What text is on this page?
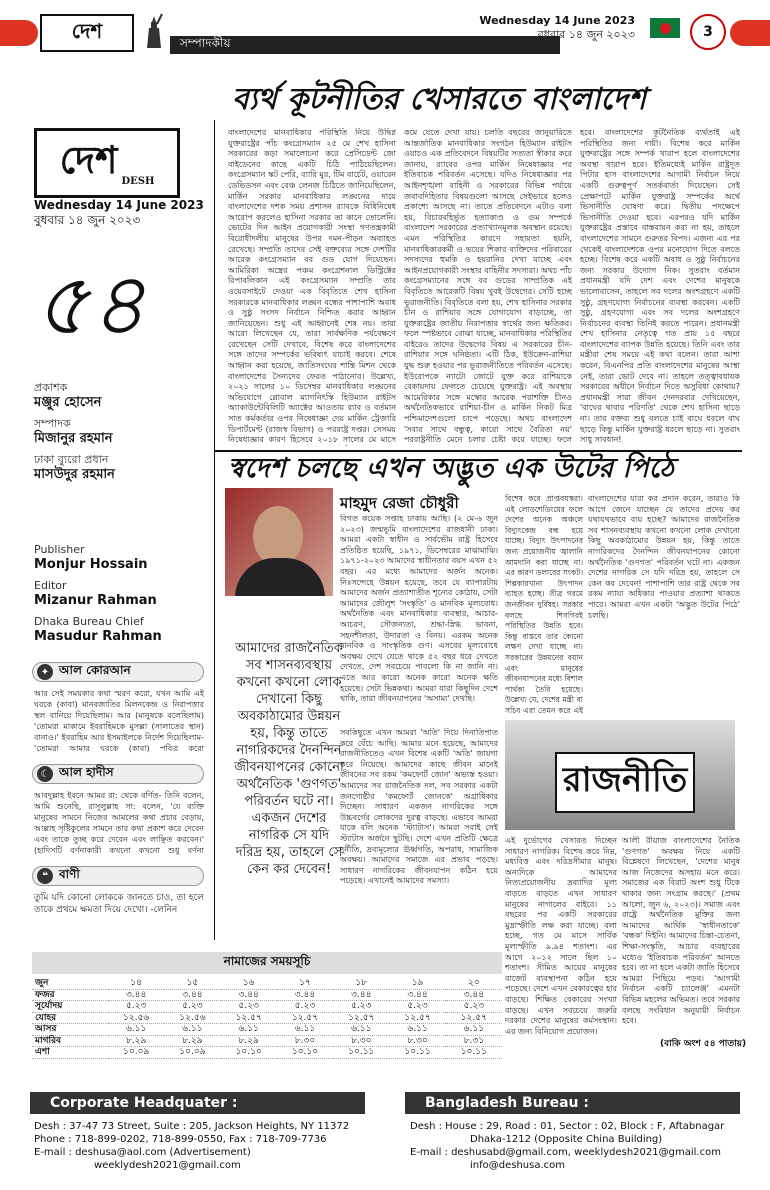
দেশ
সম্পাদকীয়
Wednesday 14 June 2023
বুধবার ১৪ জুন ২০২৩	3
দেশ DESH
Wednesday 14 June 2023
বুধবার ১৪ জুন ২০২৩
৫৪
প্রকাশক
মঞ্জুর হোসেন
সম্পাদক
মিজানুর রহমান
ঢাকা ব্যুরো প্রধান
মাসউদুর রহমান
Publisher
Monjur Hossain
Editor
Mizanur Rahman
Dhaka Bureau Chief
Masudur Rahman
✦ আল কোরআন
আর সেই সময়কার কথা স্মরণ করো, যখন আমি এই ঘরকে (কাবা) মানবজাতির মিলনকেন্দ্র ও নিরাপত্তার স্থল বানিয়ে দিয়েছিলাম। আর (মানুষকে বলেছিলাম) 'তোমরা মাকামে ইবরাহিমকে মুসল্লা (সালাতের স্থান) বানাও।' ইবরাহিম আর ইসমাইলকে নির্দেশ দিয়েছিলাম- 'তোমরা আমার ঘরকে (কাবা) পবিত্র করো
☾ আল হাদীস
আবদুল্লাহ ইবনে আমর রা: থেকে বর্ণিত- তিনি বলেন, আমি শুনেছি, রাসূলুল্লাহ সা: বলেন, 'যে ব্যক্তি মানুষের সামনে নিজের আমলের কথা প্রচার বেড়ায়, আল্লাহ সৃষ্টিকুলের সামনে তার কথা প্রকাশ করে দেবেন এবং তাকে তুচ্ছ করে দেবেন এবং লাঞ্ছিত করবেন।' (হাদিসটি বর্ণনাকারী কখনো কখনো শুধু বর্ণনা
❝ বাণী
তুমি যদি কোনো লোককে জানতে চাও, তা হলে তাকে প্রথমে ক্ষমতা দিয়ে দেখো। -লেনিন
ব্যর্থ কূটনীতির খেসারতে বাংলাদেশ
বাংলাদেশের মানবাধিকার পরিস্থিতি নিয়ে উদ্বিগ্ন যুক্তরাষ্ট্রের পাঁচ কংগ্রেসম্যান ২৫ মে শেখ হাসিনা সরকারের কড়া সমালোচনা করে প্রেসিডেন্ট জো বাইডেনের কাছে একটি চিঠি পাঠিয়েছিলেন। কংগ্রেসম্যান স্কট পেরি, ব্যারি মুর, টিম বার্চেট, ওয়ারেন ডেভিডসন এবং বেঞ্চ লেনজ চিঠিতে জানিয়েছিলেন, মার্কিন সরকার মানবাধিকার লঙ্ঘনের দায়ে বাংলাদেশের দশক সময় প্রশাসন র‍্যাবকে বিধিনিষেধ আরোপ করলেও হাসিনা সরকার তা কানে তোলেনি। ভোটের দিন আইন প্রয়োগকারী সংস্থা গণতন্ত্রকামী বিরোধীদলীয় মানুষের উপর দমন-পীড়ন অব্যাহত রেখেছে। সম্প্রতি তাদের সেই বক্তব্যের সঙ্গে দেশটির আরেক কংগ্রেসম্যান বব গুড যোগ দিয়েছেন। আমিরিকা অস্ত্রের পঞ্চম কংগ্রেশনাল ডিস্ট্রিক্টের রিপাবলিকান এই কংগ্রেসম্যান সম্প্রতি তার ওয়েবসাইটে দেওয়া এক বিবৃতিতে শেখ হাসিনা সরকারকে মানবাধিকার লঙ্ঘন বন্ধের পাশাপাশি অবাধ ও সুষ্ঠু সংসদ নির্বাচন নিশ্চিত করার আহ্বান জানিয়েছেন। শুধু এই আহ্বানেই শেষ নয়। তারা আরো লিখেছেন যে, তারা সার্বক্ষণিক পর্যবেক্ষণে রেখেছেন সেটি দেখাবে, বিশেষ করে বাংলাদেশের সঙ্গে তাদের সম্পর্কের ভবিষ্যৎ যাচাই করবে। শেষে আহ্বান করা হয়েছে, জাতিসংঘের শান্তি মিশন থেকে বাংলাদেশের সৈন্যদের ফেরত পাঠানোর। উল্লেখ্য, ২০২১ সালের ১০ ডিসেম্বর মানবাধিকার লঙ্ঘনের অভিযোগে গ্লোবাল ম্যাগনিৎস্কি হিউম্যান রাইটস অ্যাকাউন্টেবিলিটি অ্যাক্টের আওতায় র‍্যাব ও বর্তমান সাত কর্মকর্তার ওপর নিষেধাজ্ঞা দেয় মার্কিন ট্রেজারি ডিপার্টমেন্ট (রাজস্ব বিভাগ) ও পররাষ্ট্র দপ্তর। সেসময় নিষেধাজ্ঞার কারণ হিসেবে ২০১৮ সালের মে মাসে
কমে যেতে দেখা যায়। চলতি বছরের জানুয়ারিতে আন্তর্জাতিক মানবাধিকার সংগঠন হিউম্যান রাইটস ওয়াচও এক প্রতিবেদনে বিষয়টির সত্যতা স্বীকার করে জানায়, র‍্যাবের ওপর মার্কিন নিষেধাজ্ঞার পর ইতিবাচক পরিবর্তন এসেছে। যদিও নিষেধাজ্ঞার পর আইনশৃঙ্খলা বাহিনী ও সরকারের বিভিন্ন পর্যায়ে জবাবদিহিতার বিষয়গুলো আসছে সেইভাবে হলেও প্রকাশ্যে আসছে না। তাতে প্রতিবেদনে এটাও বলা হয়, বিচারবহির্ভূত হত্যাকাণ্ড ও গুম সম্পর্কে বাংলাদেশ সরকারের প্রত্যাখ্যানমূলক অবস্থান রয়েছে। এমন পরিস্থিতির কারণে সহায়তা হয়নি, মানবাধিকারকর্মী ও ভয়ের শিকার ব্যক্তিদের পরিবারের সদস্যদের হুমকি ও হয়রানির দেখা যাচ্ছে এবং আইনপ্রয়োগকারী সংস্থার বাহিনীর সদস্যরা। অথচ পাঁচ কংগ্রেসম্যানের সঙ্গে বব গুডের সাম্প্রতিক এই বিবৃতিতে আরেকটি বিষয় খুবই উদ্বেগের। সেটি হচ্ছে ভূরাজনীতি। বিবৃতিতে বলা হয়, শেখ হাসিনার সরকার চীন ও রাশিয়ার সঙ্গে যোগাযোগ বাড়াচ্ছে, তা যুক্তরাষ্ট্রের জাতীয় নিরাপত্তার স্বার্থের জন্য ক্ষতিকর। ফলে স্পষ্টভাবে বোঝা যাচ্ছে, মানবাধিকার পরিস্থিতির বাইরেও তাদের উদ্বেগের বিষয় এ সরকারের চীন-রাশিয়ার সঙ্গে ঘনিষ্ঠতা। এটি ঠিক, ইউক্রেন-রাশিয়া যুদ্ধ শুরু হওয়ার পর ভূরাজনীতিতে পরিবর্তন এসেছে। ইউরোপকে ন্যাটো জোটে যুক্ত করে রাশিয়াকে বেকায়দায় ফেলতে চেয়েছে যুক্তরাষ্ট্র। এই অবস্থায় আমেরিকার সঙ্গে মস্কোর আরেক পরাশক্তি চীনও অর্থনৈতিকভাবে রাশিয়া-চীন ও মার্কিন নিকট মিত্র পশ্চিমাদেশগুলো চাপে পড়েছে। অথচ বাংলাদেশ 'সবার সাথে বন্ধুত্ব, কারো সাথে বৈরিতা নয়' পররাষ্ট্রনীতি মেনে চলার চেষ্টা করে যাচ্ছে। ফলে
হবে। বাংলাদেশের কূটনৈতিক ব্যর্থতাই এই পরিস্থিতির জন্য দায়ী। বিশেষ করে মার্কিন যুক্তরাষ্ট্রের সঙ্গে সম্পর্ক খারাপ হলে বাংলাদেশের অবস্থা খারাপ হবে। ইতিমধ্যেই মার্কিন রাষ্ট্রদূত পিটার হাস বাংলাদেশের আগামী নির্বাচন নিয়ে একটি গুরুত্বপূর্ণ সতর্কবার্তা দিয়েছেন। সেই প্রেক্ষাপটে মার্কিন যুক্তরাষ্ট্র সম্পর্কের অর্থে ভিসানীতি ঘোষণা করে। দ্বিতীয় পদক্ষেপে ভিসানীতি দেওয়া হবে। এরপরও যদি মার্কিন যুক্তরাষ্ট্রের প্রস্তাবে বাস্তবায়ন করা না হয়, তাহলে বাংলাদেশের সামনে গুরুতর বিপদ। এজন্য এর পর থেকেই বাংলাদেশকে ওপর মনোযোগ দিতে বলতে হচ্ছে। বিশেষ করে একটি অবাধ ও সুষ্ঠু নির্বাচনের জন্য সরকার উদ্যোগ নিক। সুতরাং বর্তমান প্রধানমন্ত্রী যদি দেশ এবং দেশের মানুষকে ভালোবাসেন, তাহলে সব দলের অংশগ্রহণে একটি সুষ্ঠু, গ্রহণযোগ্য নির্বাচনের ব্যবস্থা করবেন। একটি সুষ্ঠু, গ্রহণযোগ্য এবং সব দলের অংশগ্রহণে নির্বাচনের ব্যবস্থা তিনিই করতে পারেন। প্রধানমন্ত্রী শেখ হাসিনার নেতৃত্বে গত প্রায় ১৫ বছরে বাংলাদেশের ব্যাপক উন্নতি হয়েছে। তিনি এবং তার মন্ত্রীরা শেষ সময়ে এই কথা বলেন। তারা আশা করেন, বিএনপির প্রতি বাংলাদেশের মানুষের আস্থা নেই, তারা ভোট দেবে না। তাহলে তত্ত্বাবধায়ক সরকারের অধীনে নির্বাচন দিতে অসুবিধা কোথায়? প্রধানমন্ত্রী সারা জীবন দেনদরবার দেখিয়েছেন, 'বাঘের থাবার পরিণতি' থেকে শেখ হাসিনা ছাড়ে না। তার বক্তব্য শুধু বলতে চাই বাঘে ধরলে বাঘ ছাড়ে কিন্তু মার্কিন যুক্তরাষ্ট্র ধরলে ছাড়ে না। সুতরাং সাধু সাবধান!
স্বদেশ চলছে এখন অদ্ভুত এক উটের পিঠে
মাহমুদ রেজা চৌধুরী
বিগত কয়েক সপ্তাহ ঢাকায় আছি। (২ মে-৬ জুন ২০২৩) জন্মভূমি বাংলাদেশের রাজধানী ঢাকা। আমরা একটা স্বাধীন ও সার্বভৌম রাষ্ট্র হিসেবে প্রতিষ্ঠিত হয়েছি, ১৯৭১, ডিসেম্বরের মাঝামাঝি। ১৯৭১-২০২৩ আমাদের স্বাধীনতার বয়স এখন ৫২ বছর। এর মধ্যে আমাদের অর্জন অনেক। নিঃসন্দেহে উন্নয়ন হয়েছে, তবে যে ব্যাপারটায় আমাদের অর্জন প্রত্যাশাতীত শূন্যের কোঠায়, সেটা আমাদের জৌলুশ 'সংস্কৃতি' ও মানবিক মূল্যবোধ। অর্থনৈতিক এবং মানবাধিকার ব্যবস্থার, আচার-আচরণ, সৌজন্যতা, শ্রদ্ধা-স্নিগ্ধ ভাবনা, সহনশীলতা, উদারতা ও বিনয়। এরকম অনেক মানবিক ও সাংস্কৃতিক গুণ। এসবের মূল্যবোধে অবক্ষয় দেখে যেতে থাকে ৫২ বছর ধরে দেখতে দেখতে, দেশ সবচেয়ে পাবলো কি না জানি না। এতে আর কারো অনেক কারো অনেক ক্ষতি হয়েছে। সেটা ভিন্নকথা। আমরা যারা কিছুদিন দেশে থাকি, তারা জীবনযাপনের 'অসাম্য' দেখছি।
সবকিছুতে এখন আমরা 'অতি' দিয়ে দিনাতিপাত করে বেঁচে আছি। আমার মনে হয়েছে, আমাদের রাজনীতিতেও এখন বিশেষ একটি 'অতি' জায়গা করে নিয়েছে। আমাদের কাছে জীবন মানেই জীবনের সব রকম 'কমফোর্ট জোন' অভ্যস্ত হওয়া। আমাদের সব রাজনৈতিক দল, সব সরকার একটা জনগোষ্ঠীর 'কমফোর্ট জোনকে' অগ্রাধিকার দিচ্ছেন। সাধারণ একজন নাগরিকের সঙ্গে উচ্চবর্গের লোকদের দুরত্ব বাড়ছে। এভাবে আমরা যাকে বলি অনেক 'স্ট্যাটাস'। আমরা সবাই সেই স্ট্যাটাস অর্জনে ছুটছি। দেশে এখন প্রতিটি ক্ষেত্রে দুর্নীতি, দ্রব্যমূল্যের ঊর্ধ্বগতি, অপরাধ, সামাজিক অবক্ষয়। আমাদের সমাজে এর প্রভাব পড়ছে। সাধারণ নাগরিকের জীবনযাপন কঠিন হয়ে পড়েছে। এখানেই আমাদের সমস্যা।
বিশেষ করে প্রাপ্তবয়স্করা। এই লোডশেডিংয়ের ফলে দেশের অনেক অঞ্চলে বিদ্যুৎকেন্দ্র বন্ধ হয়ে যাচ্ছে। বিদ্যুৎ উৎপাদনের জন্য প্রয়োজনীয় জ্বালানি আমদানি করা যাচ্ছে না। এর কারণ ডলারের সংকট। শিল্পকারখানা উৎপাদন ব্যাহত হচ্ছে। তীব্র গরমে জনজীবন দুর্বিষহ। সরকার বলছে শিগগিরই পরিস্থিতির উন্নতি হবে। কিন্তু বাস্তবে তার কোনো লক্ষণ দেখা যাচ্ছে না। সরকারের উন্নয়নের বয়ান এবং মানুষের জীবনযাপনের মধ্যে বিশাল পার্থক্য তৈরি হয়েছে। উল্লেখ্য যে, দেশের মন্ত্রী বা সচিব এরা তেমন করে এই
বাংলাদেশের যারা কর প্রদান করেন, তারাও কি আগে জেনে যাচ্ছেন যে তাদের প্রদেয় কর যথাযথভাবে ব্যয় হচ্ছে? আমাদের রাজনৈতিক সব শাসনব্যবস্থায় কখনো কখনো লোক দেখানো কিছু অবকাঠামোর উন্নয়ন হয়, কিন্তু তাতে নাগরিকদের দৈনন্দিন জীবনযাপনের কোনো অর্থনৈতিক 'গুণগত' পরিবর্তন ঘটে না। একজন দেশের নাগরিক সে যদি দরিদ্র হয়, তাহলে সে কেন কর দেবেন! পাশাপাশি তার রাষ্ট্র থেকে সব রকম ন্যায্য অধিকার পাওয়ার প্রত্যাশা থাকতে পারে। আমরা এখন একটা 'অদ্ভুত উটের পিঠে' চলছি।
রাজনীতি
এই দুর্ভোগের খেসারত দিচ্ছেন সাধারণ নাগরিক। বিশেষ করে নিম্ন, মধ্যবিত্ত এবং দরিদ্রসীমার মানুষ। অন্যদিকে আমাদের নিত্যপ্রয়োজনীয় দ্রব্যাদির মূল্য বাড়তে বাড়তে এখন সাধারণ মানুষের নাগালের বাইরে। ১১ বছরের পর একটি সরকারের মুদ্রাস্ফীতি লক্ষ করা যাচ্ছে। বলা হচ্ছে, গত মে মাসে সার্বিক মূল্যস্ফীতি ৯.৯৪ শতাংশ। এর আগে ২০১২ সালে ছিল ১০ শতাংশ। সীমিত আয়ের মানুষের বাজেট ব্যবস্থাপনা কঠিন হয়ে পড়েছে। দেশে এখন বেকারত্বের হার বাড়ছে। শিক্ষিত বেকারের সংখ্যা বাড়ছে। এখন সবচেয়ে জরুরি দরকার দেশের মানুষের কর্মসংস্থান। এর জন্য বিনিয়োগ প্রয়োজন।
আলী রীয়াজ বাংলাদেশের নৈতিক 'গুণগত' অবক্ষয় নিয়ে একটি বিশ্লেষণে লিখেছেন, 'দেশের মানুষ আজ নিজেদের অসহায় মনে করে। সমাজের এক বিরাট অংশ শুধু টিকে থাকার জন্য সংগ্রাম করছে।' (প্রথম আলো, জুন ৬, ২০২৩)। সমাজ এবং রাষ্ট্রে অর্থনৈতিক মুক্তির জন্য আমাদের আর্থিক 'স্বাধীনতাকে' 'বন্ধক' দিইনি। আমাদের চিন্তা-চেতনা, শিক্ষা-সংস্কৃতি, আচার ব্যবহারের মধ্যেও 'ইতিবাচক পরিবর্তন' আনতে হবে। তা না হলে একটা জাতি হিসেবে আমরা পিছিয়ে পড়ব। 'আগামী নির্বাচন একটি চ্যালেঞ্জ' এমনটা বিভিন্ন মহলের অভিমত। তবে সরকার বলছে সংবিধান অনুযায়ী নির্বাচন হবে।
(বাকি অংশ ৫৪ পাতায়)
আমাদের রাজনৈতিক সব শাসনব্যবস্থায় কখনো কখনো লোক দেখানো কিছু অবকাঠামোর উন্নয়ন হয়, কিন্তু তাতে নাগরিকদের দৈনন্দিন জীবনযাপনের কোনো অর্থনৈতিক 'গুণগত' পরিবর্তন ঘটে না। একজন দেশের নাগরিক সে যদি দরিদ্র হয়, তাহলে সে কেন কর দেবেন!
নামাজের সময়সূচি
জুন	১৪	১৫	১৬	১৭	১৮	১৯	২০
ফজর	৩.৪৪	৩.৪৪	৩.৪৪	৩.৪৪	৩.৪৪	৩.৪৪	৩.৪৪
সূর্যোদয়	৫.২৩	৫.২৩	৫.২৩	৫.২৩	৫.২৩	৫.২৩	৫.২৩
যোহর	১২.৫৬	১২.৫৬	১২.৫৭	১২.৫৭	১২.৫৭	১২.৫৭	১২.৫৭
আসর	৬.১১	৬.১১	৬.১১	৬.১১	৬.১১	৬.১১	৬.১১
মাগরিব	৮.২৯	৮.২৯	৮.২৯	৮.৩০	৮.৩০	৮.৩০	৮.৩১
এশা	১০.০৯	১০.০৯	১০.১০	১০.১০	১০.১১	১০.১১	১০.১১
Corporate Headquater :	Bangladesh Bureau :
Desh : 37-47 73 Street, Suite : 205, Jackson Heights, NY 11372
Phone : 718-899-0202, 718-899-0550, Fax : 718-709-7736
E-mail : deshusa@aol.com (Advertisement)
weeklydesh2021@gmail.com
Desh : House : 29, Road : 01, Sector : 02, Block : F, Aftabnagar
Dhaka-1212 (Opposite China Building)
E-mail : deshusabd@gmail.com, weeklydesh2021@gmail.com
info@deshusa.com
